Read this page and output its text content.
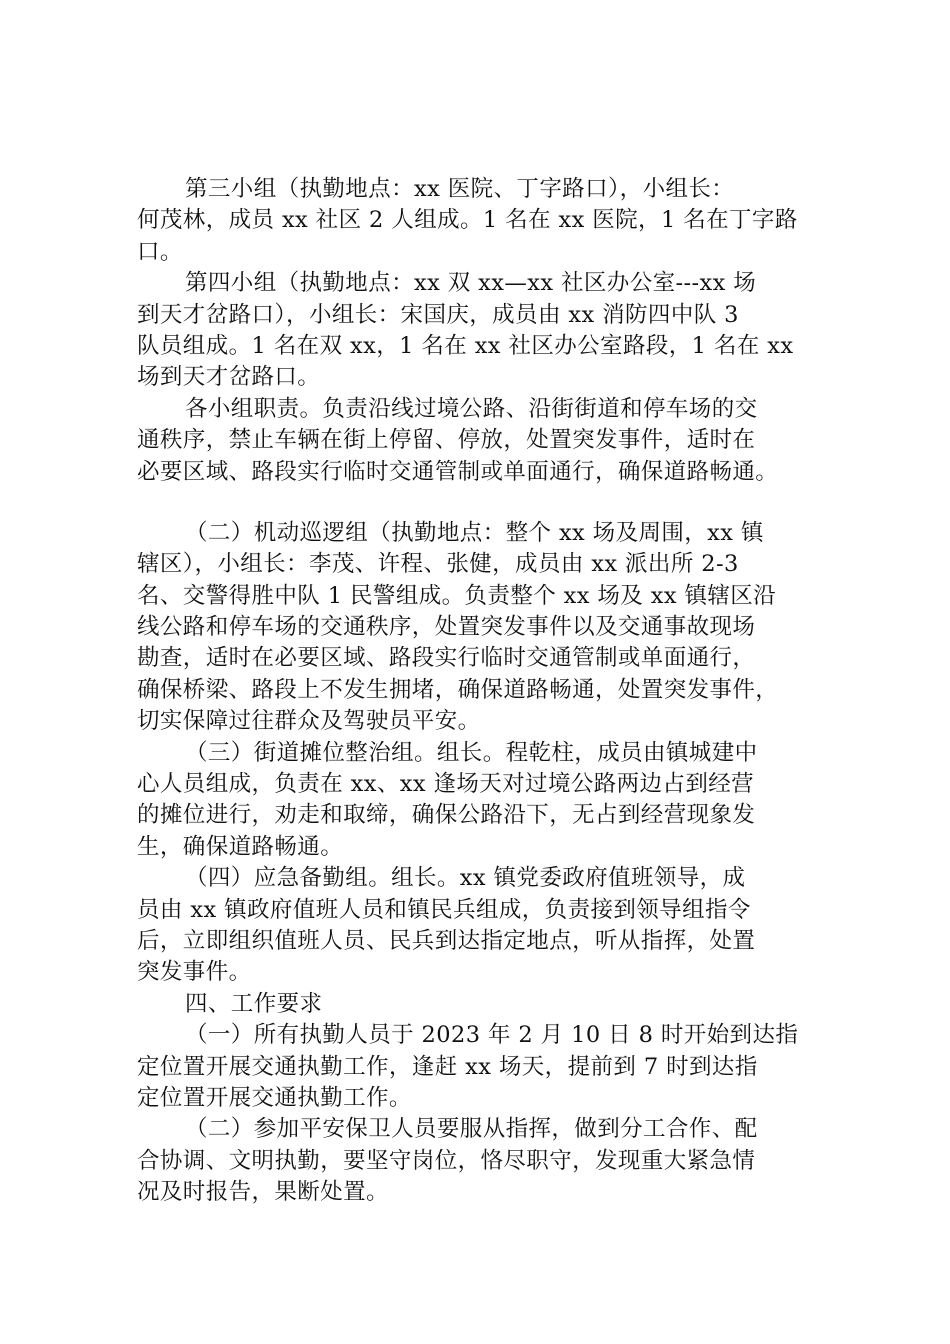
第三小组（执勤地点：xx 医院、丁字路口），小组长：
何茂林，成员 xx 社区 2 人组成。1 名在 xx 医院，1 名在丁字路
口。
第四小组（执勤地点：xx 双 xx—xx 社区办公室---xx 场
到天才岔路口），小组长：宋国庆，成员由 xx 消防四中队 3
队员组成。1 名在双 xx，1 名在 xx 社区办公室路段，1 名在 xx
场到天才岔路口。
各小组职责。负责沿线过境公路、沿街街道和停车场的交
通秩序，禁止车辆在街上停留、停放，处置突发事件，适时在
必要区域、路段实行临时交通管制或单面通行，确保道路畅通。
（二）机动巡逻组（执勤地点：整个 xx 场及周围，xx 镇
辖区），小组长：李茂、许程、张健，成员由 xx 派出所 2-3
名、交警得胜中队 1 民警组成。负责整个 xx 场及 xx 镇辖区沿
线公路和停车场的交通秩序，处置突发事件以及交通事故现场
勘查，适时在必要区域、路段实行临时交通管制或单面通行，
确保桥梁、路段上不发生拥堵，确保道路畅通，处置突发事件，
切实保障过往群众及驾驶员平安。
（三）街道摊位整治组。组长。程乾柱，成员由镇城建中
心人员组成，负责在 xx、xx 逢场天对过境公路两边占到经营
的摊位进行，劝走和取缔，确保公路沿下，无占到经营现象发
生，确保道路畅通。
（四）应急备勤组。组长。xx 镇党委政府值班领导，成
员由 xx 镇政府值班人员和镇民兵组成，负责接到领导组指令
后，立即组织值班人员、民兵到达指定地点，听从指挥，处置
突发事件。
四、工作要求
（一）所有执勤人员于 2023 年 2 月 10 日 8 时开始到达指
定位置开展交通执勤工作，逢赶 xx 场天，提前到 7 时到达指
定位置开展交通执勤工作。
（二）参加平安保卫人员要服从指挥，做到分工合作、配
合协调、文明执勤，要坚守岗位，恪尽职守，发现重大紧急情
况及时报告，果断处置。
